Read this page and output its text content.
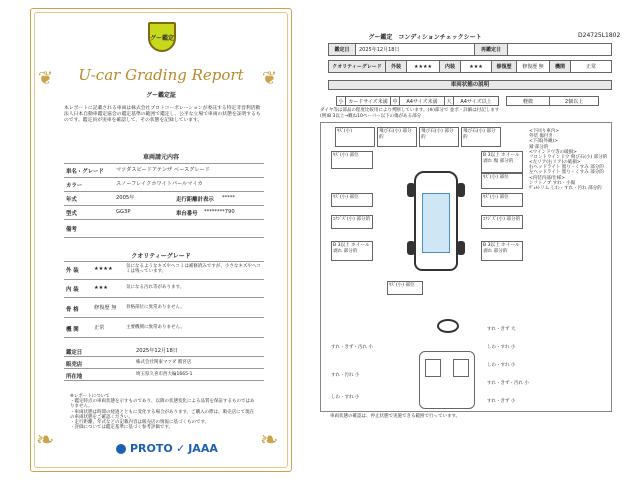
❦	❦
❧	❧
グー鑑定
U-car Grading Report
グー鑑定証
本レポートに記載される車両は株式会社プロトコーポレーションが委託する特定非営利活動法人日本自動車鑑定協会の鑑定基準の範囲で鑑定し、公平な立場で車両の状態を証明するものです。鑑定員が実車を確認して、その状態を記録しています。
車両請元内容
車名・グレード マツダスピードアテンザ ベースグレード
カラー	スノーフレイクホワイトパールマイカ
年式	2005年	走行距離計表示 *****
型式	GG3P	車台番号 ********790
備考
クオリティーグレード
外 装	★★★★	気になるようなキズやヘコミは補修済みですが、小さなキズやヘコミは残っています。
内 装	★★★	気になる汚れ等があります。
骨 格	修復歴 無 骨格部位に異常ありません。
機 関	正常	主要機関に異常ありません。
鑑定日	2025年12月18日
販売店	株式会社関東マツダ 鷲宮店
所在地	埼玉県久喜市西大輪1665-1
※レポートについて
・鑑定時点の車両状態を示すものであり、以降の状態変化による品質を保証するものではありません。
・車両状態は時間の経過とともに変化する場合があります。ご購入の際は、販売店にて現在の車両状態をご確認ください。
・走行距離、年式などの記載内容は販売店の情報に基づくものです。
・評価については鑑定基準に基づく参考評価です。
PROTO ✓ JAAA
D24725L1802
グー鑑定　コンディションチェックシート
鑑定日	2025年12月18日	再鑑定日
クオリティーグレード	外装	★★★★	内装	★★★	修復歴	修復歴 無	機関	正常
車両状態の説明
小 カードサイズ未満 中	A4サイズ未満	大	A4サイズ以上	軽微	2個以上
ダイヤ等は部品の程度比較用により判断しています。(※)部分で 並ボ・詳細は付記します
(例)B 3以上→概ね10ペーパー以下の傷がある部分
ｷｽﾞ(小)	飛び石(小) 部分的
飛び石(小) 部分的
飛び石(小) 部分的
ｷｽﾞ(小) 部位	B 3以上 ホイール 剥れ 傷 部分的
ｷｽﾞ(小) 部位
ｷｽﾞ(小) 部位	ｷｽﾞ(小) 部位
ｴｸｼﾞｽﾞ(小) 部分的	ｴｸｼﾞｽﾞ(小) 部分的
B 3以上 ホイール 剥れ 部分的
B 3以上 ホイール 剥れ 部分的
ｷｽﾞ(小) 部位
<下回り車内>
外装 傷付き
<下部(外観)>
錆 部分的
<ウインドウ等の破損>
フロントウインドウ 飛び石(小) 部分的
<左リア(右リア)の破損>
右ヘッドライト 曇り・くすみ 部分的
左ヘッドライト 曇り・くすみ 部分的
<内装内部/仕様>
シフトノブ すれ・小傷
ｳﾞｪﾙﾄリム しわ・すれ・汚れ 部分的
すれ・きず・汚れ 小
すれ・汚れ 小
しわ・すれ 小
すれ・きず 大
しわ・すれ 小
しわ・すれ 小
すれ・きず・汚れ 小
すれ・きず 小
車両状態の確認は、停止状態で実施できる範囲で行っています。
